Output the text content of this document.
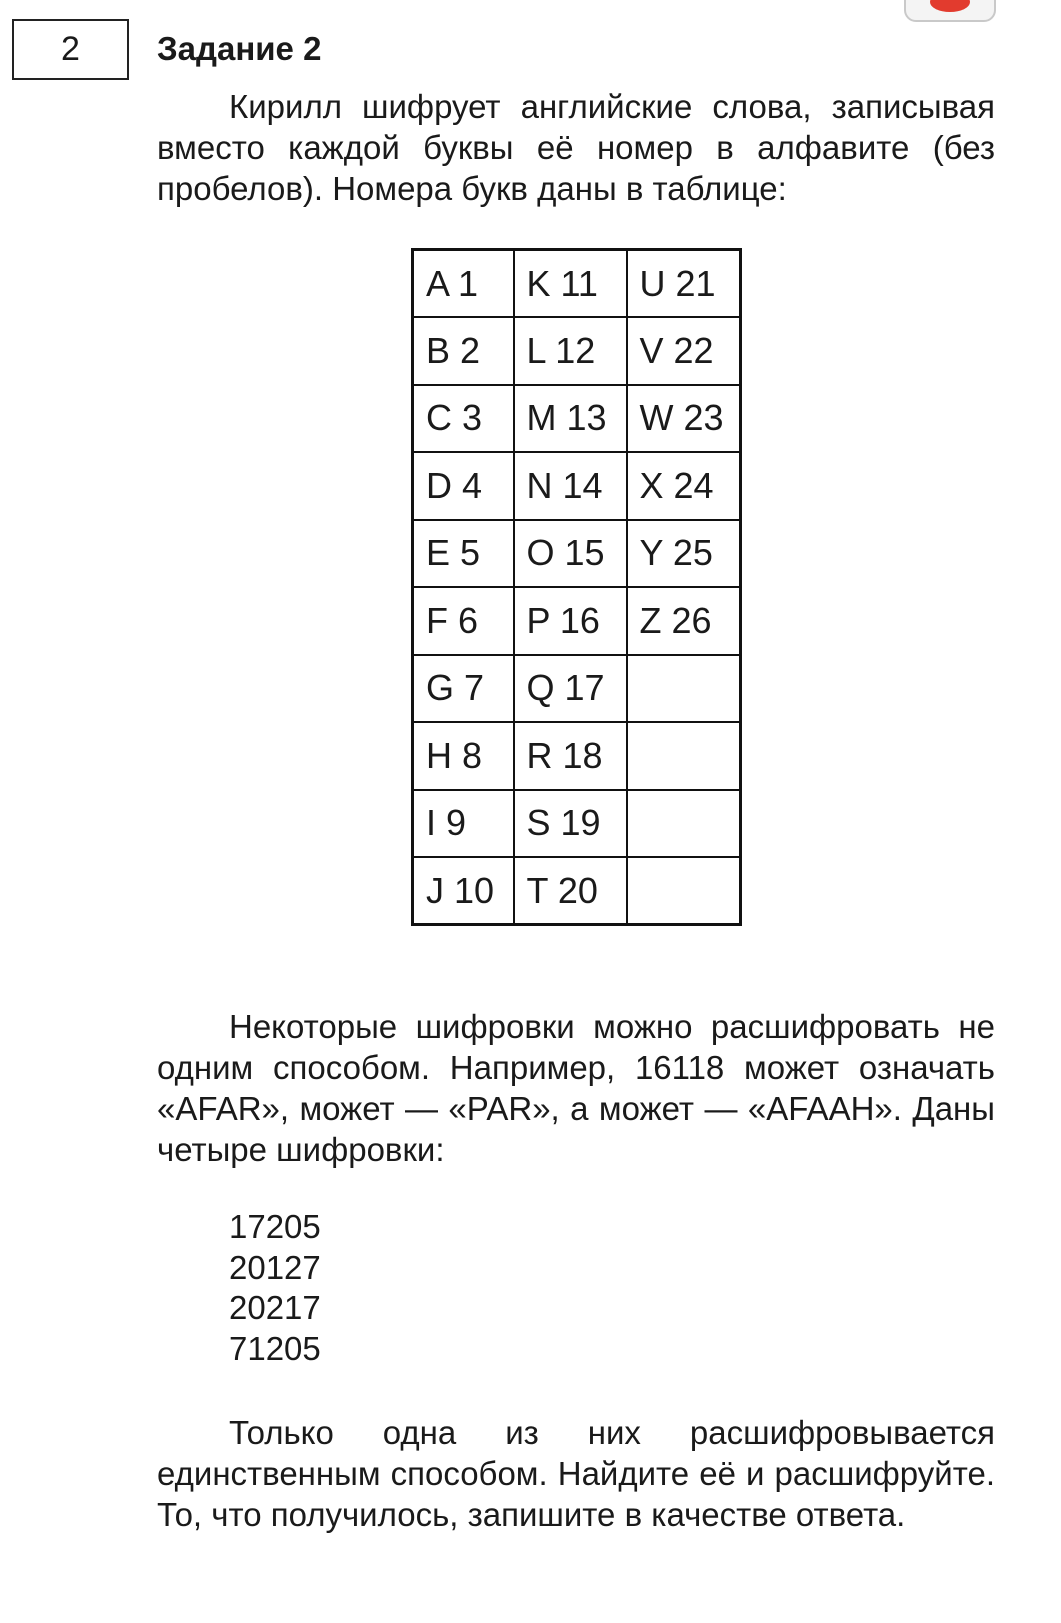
2 Задание 2

Кирилл шифрует английские слова, записывая вместо каждой буквы её номер в алфавите (без пробелов). Номера букв даны в таблице:

A 1	K 11	U 21
B 2	L 12	V 22
C 3	M 13	W 23
D 4	N 14	X 24
E 5	O 15	Y 25
F 6	P 16	Z 26
G 7	Q 17	
H 8	R 18	
I 9	S 19	
J 10	T 20	

Некоторые шифровки можно расшифровать не одним способом. Например, 16118 может означать «AFAR», может — «PAR», а может — «AFAAH». Даны четыре шифровки:

17205
20127
20217
71205

Только одна из них расшифровывается единственным способом. Найдите её и расшифруйте. То, что получилось, запишите в качестве ответа.
